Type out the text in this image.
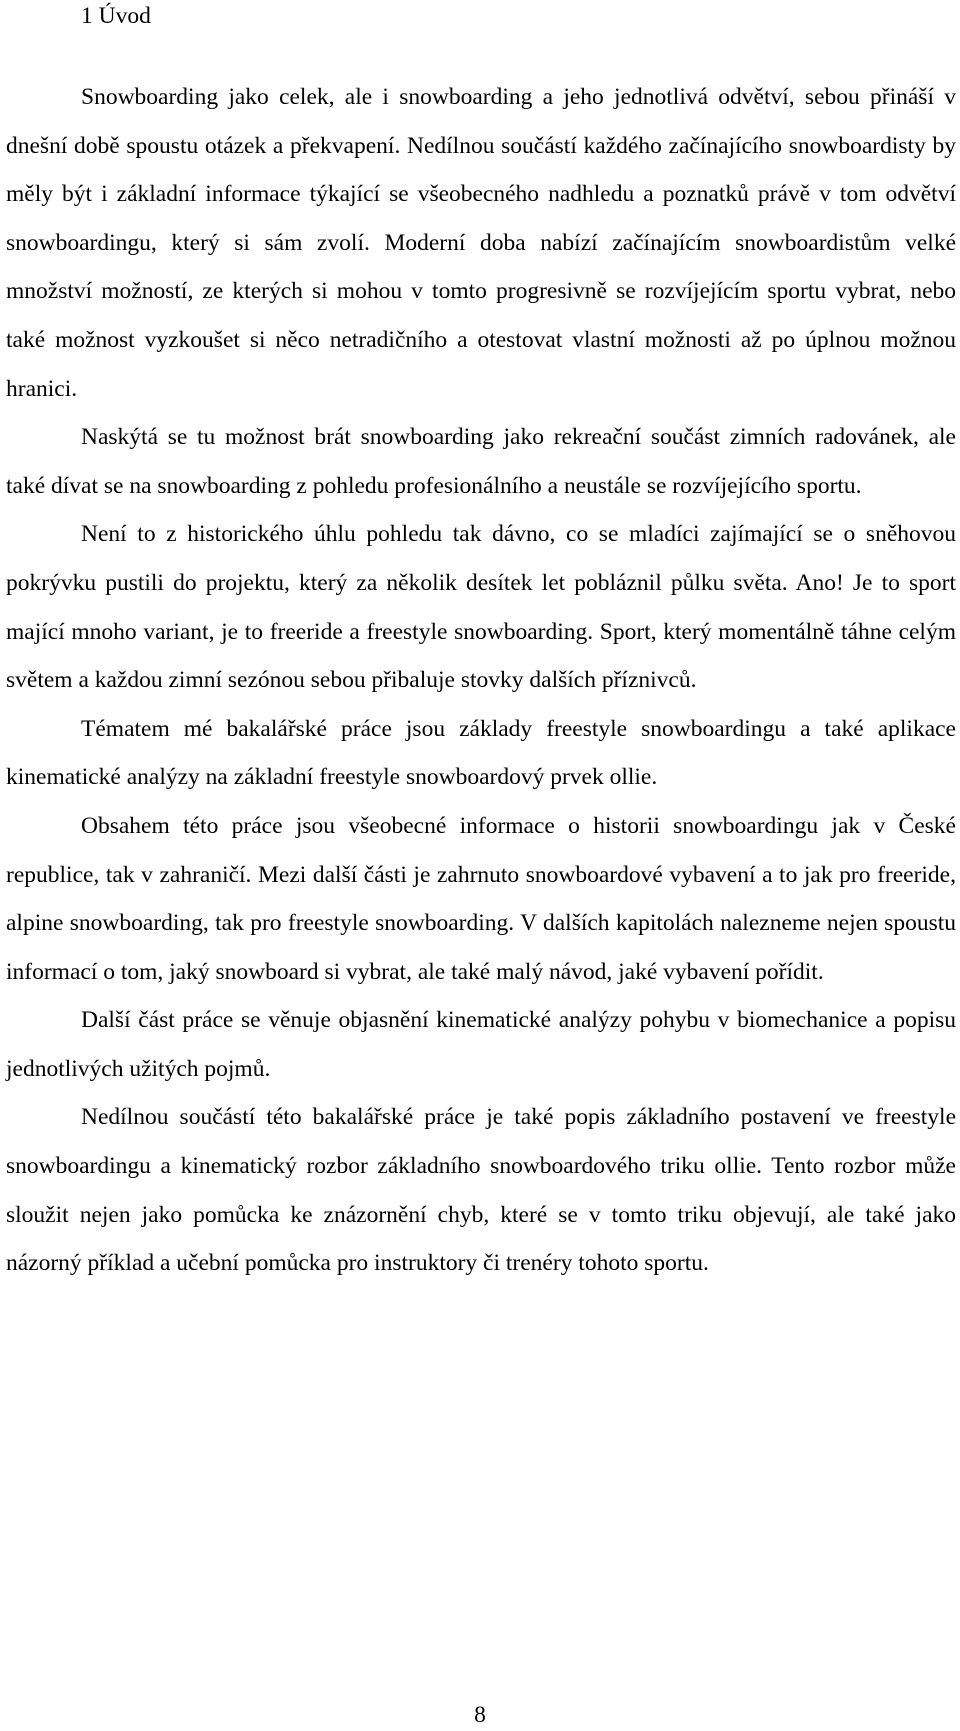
1 Úvod

Snowboarding jako celek, ale i snowboarding a jeho jednotlivá odvětví, sebou přináší v dnešní době spoustu otázek a překvapení. Nedílnou součástí každého začínajícího snowboardisty by měly být i základní informace týkající se všeobecného nadhledu a poznatků právě v tom odvětví snowboardingu, který si sám zvolí. Moderní doba nabízí začínajícím snowboardistům velké množství možností, ze kterých si mohou v tomto progresivně se rozvíjejícím sportu vybrat, nebo také možnost vyzkoušet si něco netradičního a otestovat vlastní možnosti až po úplnou možnou hranici.

Naskýtá se tu možnost brát snowboarding jako rekreační součást zimních radovánek, ale také dívat se na snowboarding z pohledu profesionálního a neustále se rozvíjejícího sportu.

Není to z historického úhlu pohledu tak dávno, co se mladíci zajímající se o sněhovou pokrývku pustili do projektu, který za několik desítek let pobláznil půlku světa. Ano! Je to sport mající mnoho variant, je to freeride a freestyle snowboarding. Sport, který momentálně táhne celým světem a každou zimní sezónou sebou přibaluje stovky dalších příznivců.

Tématem mé bakalářské práce jsou základy freestyle snowboardingu a také aplikace kinematické analýzy na základní freestyle snowboardový prvek ollie.

Obsahem této práce jsou všeobecné informace o historii snowboardingu jak v České republice, tak v zahraničí. Mezi další části je zahrnuto snowboardové vybavení a to jak pro freeride, alpine snowboarding, tak pro freestyle snowboarding. V dalších kapitolách nalezneme nejen spoustu informací o tom, jaký snowboard si vybrat, ale také malý návod, jaké vybavení pořídit.

Další část práce se věnuje objasnění kinematické analýzy pohybu v biomechanice a popisu jednotlivých užitých pojmů.

Nedílnou součástí této bakalářské práce je také popis základního postavení ve freestyle snowboardingu a kinematický rozbor základního snowboardového triku ollie. Tento rozbor může sloužit nejen jako pomůcka ke znázornění chyb, které se v tomto triku objevují, ale také jako názorný příklad a učební pomůcka pro instruktory či trenéry tohoto sportu.

8
